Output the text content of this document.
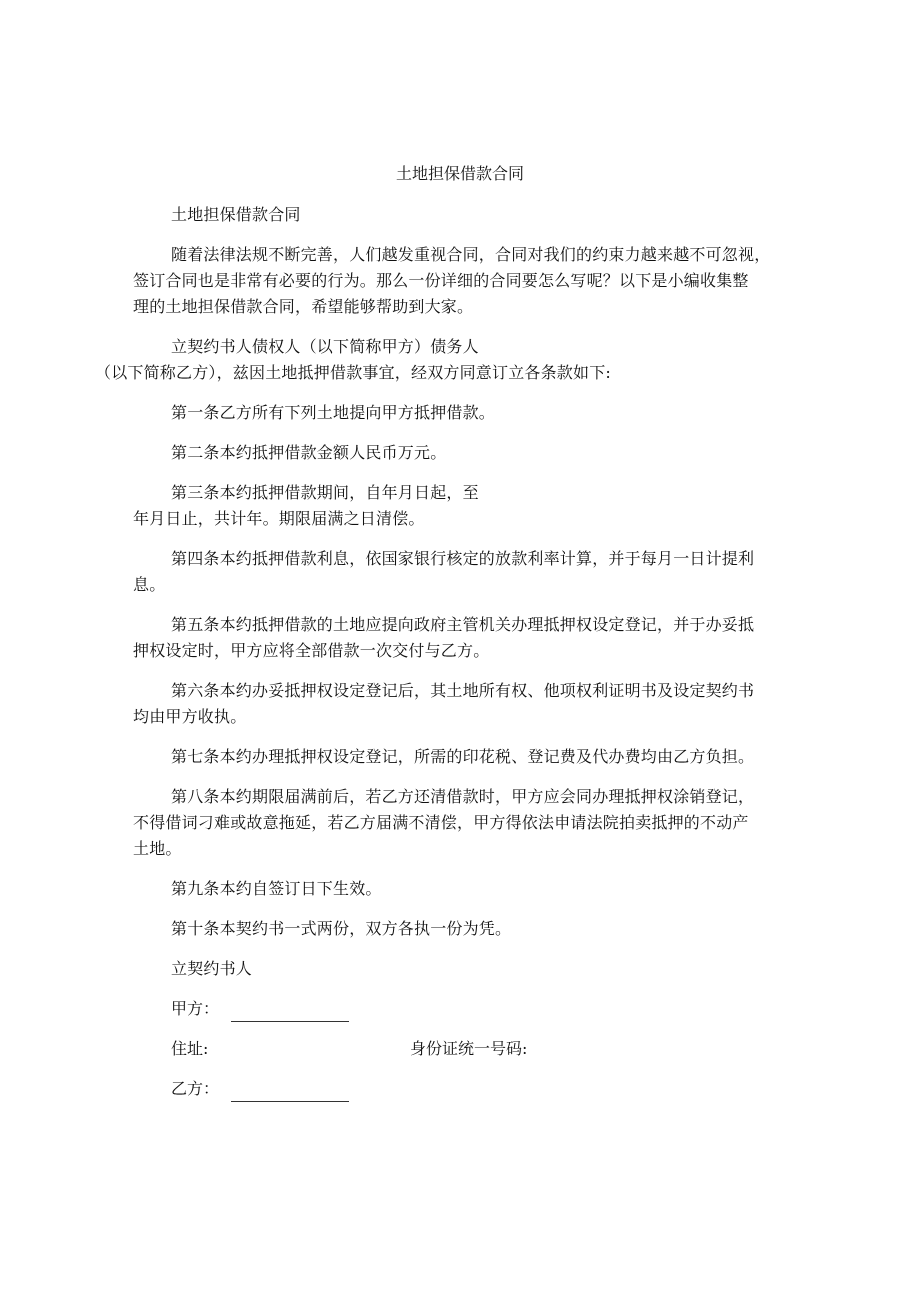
土地担保借款合同

土地担保借款合同

随着法律法规不断完善，人们越发重视合同，合同对我们的约束力越来越不可忽视，
签订合同也是非常有必要的行为。那么一份详细的合同要怎么写呢？以下是小编收集整
理的土地担保借款合同，希望能够帮助到大家。

立契约书人债权人（以下简称甲方）债务人
（以下简称乙方），兹因土地抵押借款事宜，经双方同意订立各条款如下:

第一条乙方所有下列土地提向甲方抵押借款。

第二条本约抵押借款金额人民币万元。

第三条本约抵押借款期间，自年月日起，至
年月日止，共计年。期限届满之日清偿。

第四条本约抵押借款利息，依国家银行核定的放款利率计算，并于每月一日计提利
息。

第五条本约抵押借款的土地应提向政府主管机关办理抵押权设定登记，并于办妥抵
押权设定时，甲方应将全部借款一次交付与乙方。

第六条本约办妥抵押权设定登记后，其土地所有权、他项权利证明书及设定契约书
均由甲方收执。

第七条本约办理抵押权设定登记，所需的印花税、登记费及代办费均由乙方负担。

第八条本约期限届满前后，若乙方还清借款时，甲方应会同办理抵押权涂销登记，
不得借词刁难或故意拖延，若乙方届满不清偿，甲方得依法申请法院拍卖抵押的不动产
土地。

第九条本约自签订日下生效。

第十条本契约书一式两份，双方各执一份为凭。

立契约书人

甲方：
住址:	身份证统一号码:
乙方：
